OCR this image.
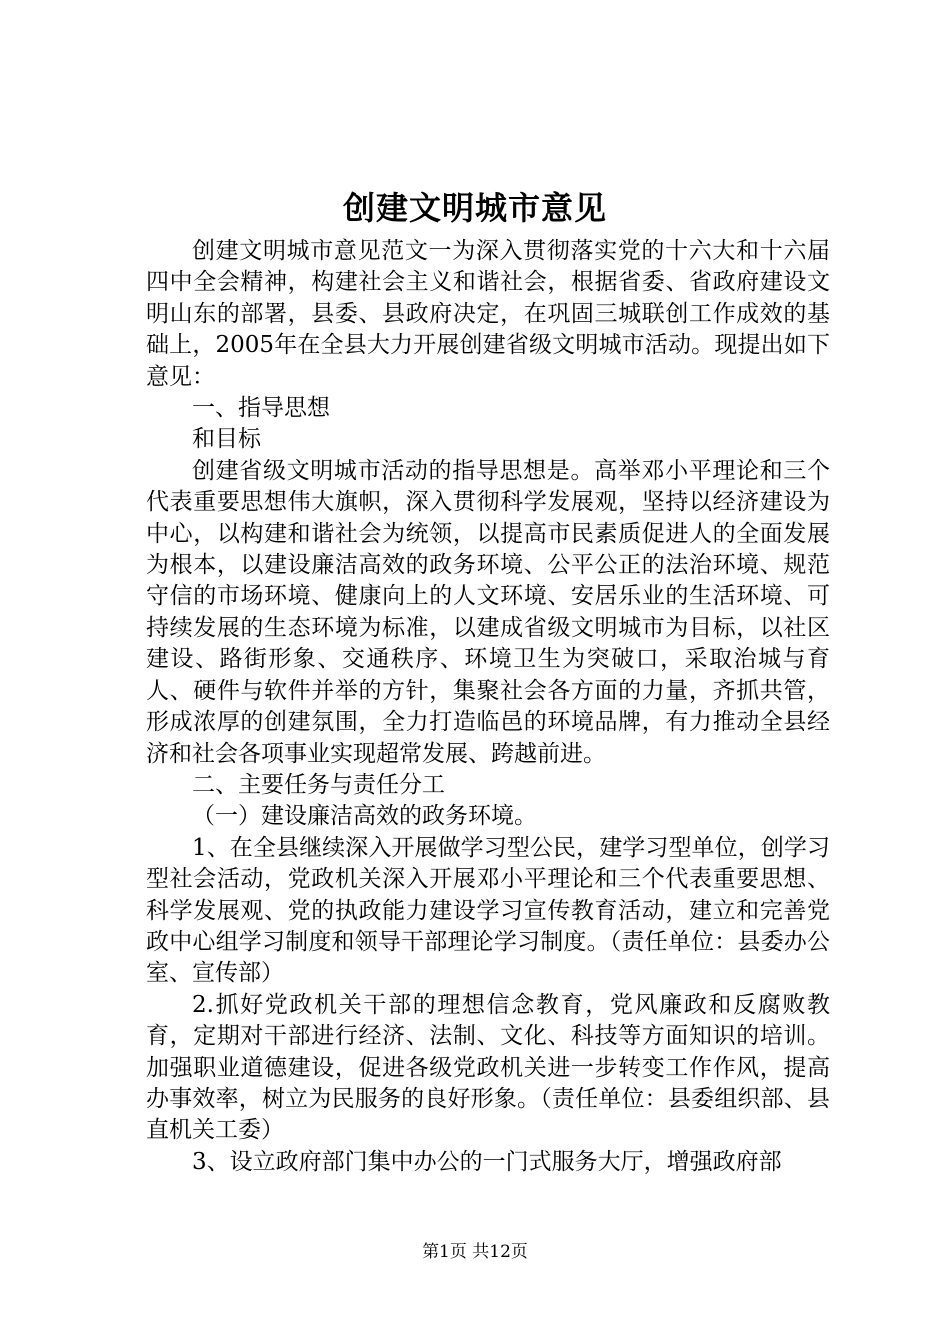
创建文明城市意见

创建文明城市意见范文一为深入贯彻落实党的十六大和十六届四中全会精神，构建社会主义和谐社会，根据省委、省政府建设文明山东的部署，县委、县政府决定，在巩固三城联创工作成效的基础上，2005年在全县大力开展创建省级文明城市活动。现提出如下意见：

一、指导思想

和目标

创建省级文明城市活动的指导思想是。高举邓小平理论和三个代表重要思想伟大旗帜，深入贯彻科学发展观，坚持以经济建设为中心，以构建和谐社会为统领，以提高市民素质促进人的全面发展为根本，以建设廉洁高效的政务环境、公平公正的法治环境、规范守信的市场环境、健康向上的人文环境、安居乐业的生活环境、可持续发展的生态环境为标准，以建成省级文明城市为目标，以社区建设、路街形象、交通秩序、环境卫生为突破口，采取治城与育人、硬件与软件并举的方针，集聚社会各方面的力量，齐抓共管，形成浓厚的创建氛围，全力打造临邑的环境品牌，有力推动全县经济和社会各项事业实现超常发展、跨越前进。

二、主要任务与责任分工

（一）建设廉洁高效的政务环境。

1、在全县继续深入开展做学习型公民，建学习型单位，创学习型社会活动，党政机关深入开展邓小平理论和三个代表重要思想、科学发展观、党的执政能力建设学习宣传教育活动，建立和完善党政中心组学习制度和领导干部理论学习制度。（责任单位：县委办公室、宣传部）

2.抓好党政机关干部的理想信念教育，党风廉政和反腐败教育，定期对干部进行经济、法制、文化、科技等方面知识的培训。加强职业道德建设，促进各级党政机关进一步转变工作作风，提高办事效率，树立为民服务的良好形象。（责任单位：县委组织部、县直机关工委）

3、设立政府部门集中办公的一门式服务大厅，增强政府部

第1页 共12页
